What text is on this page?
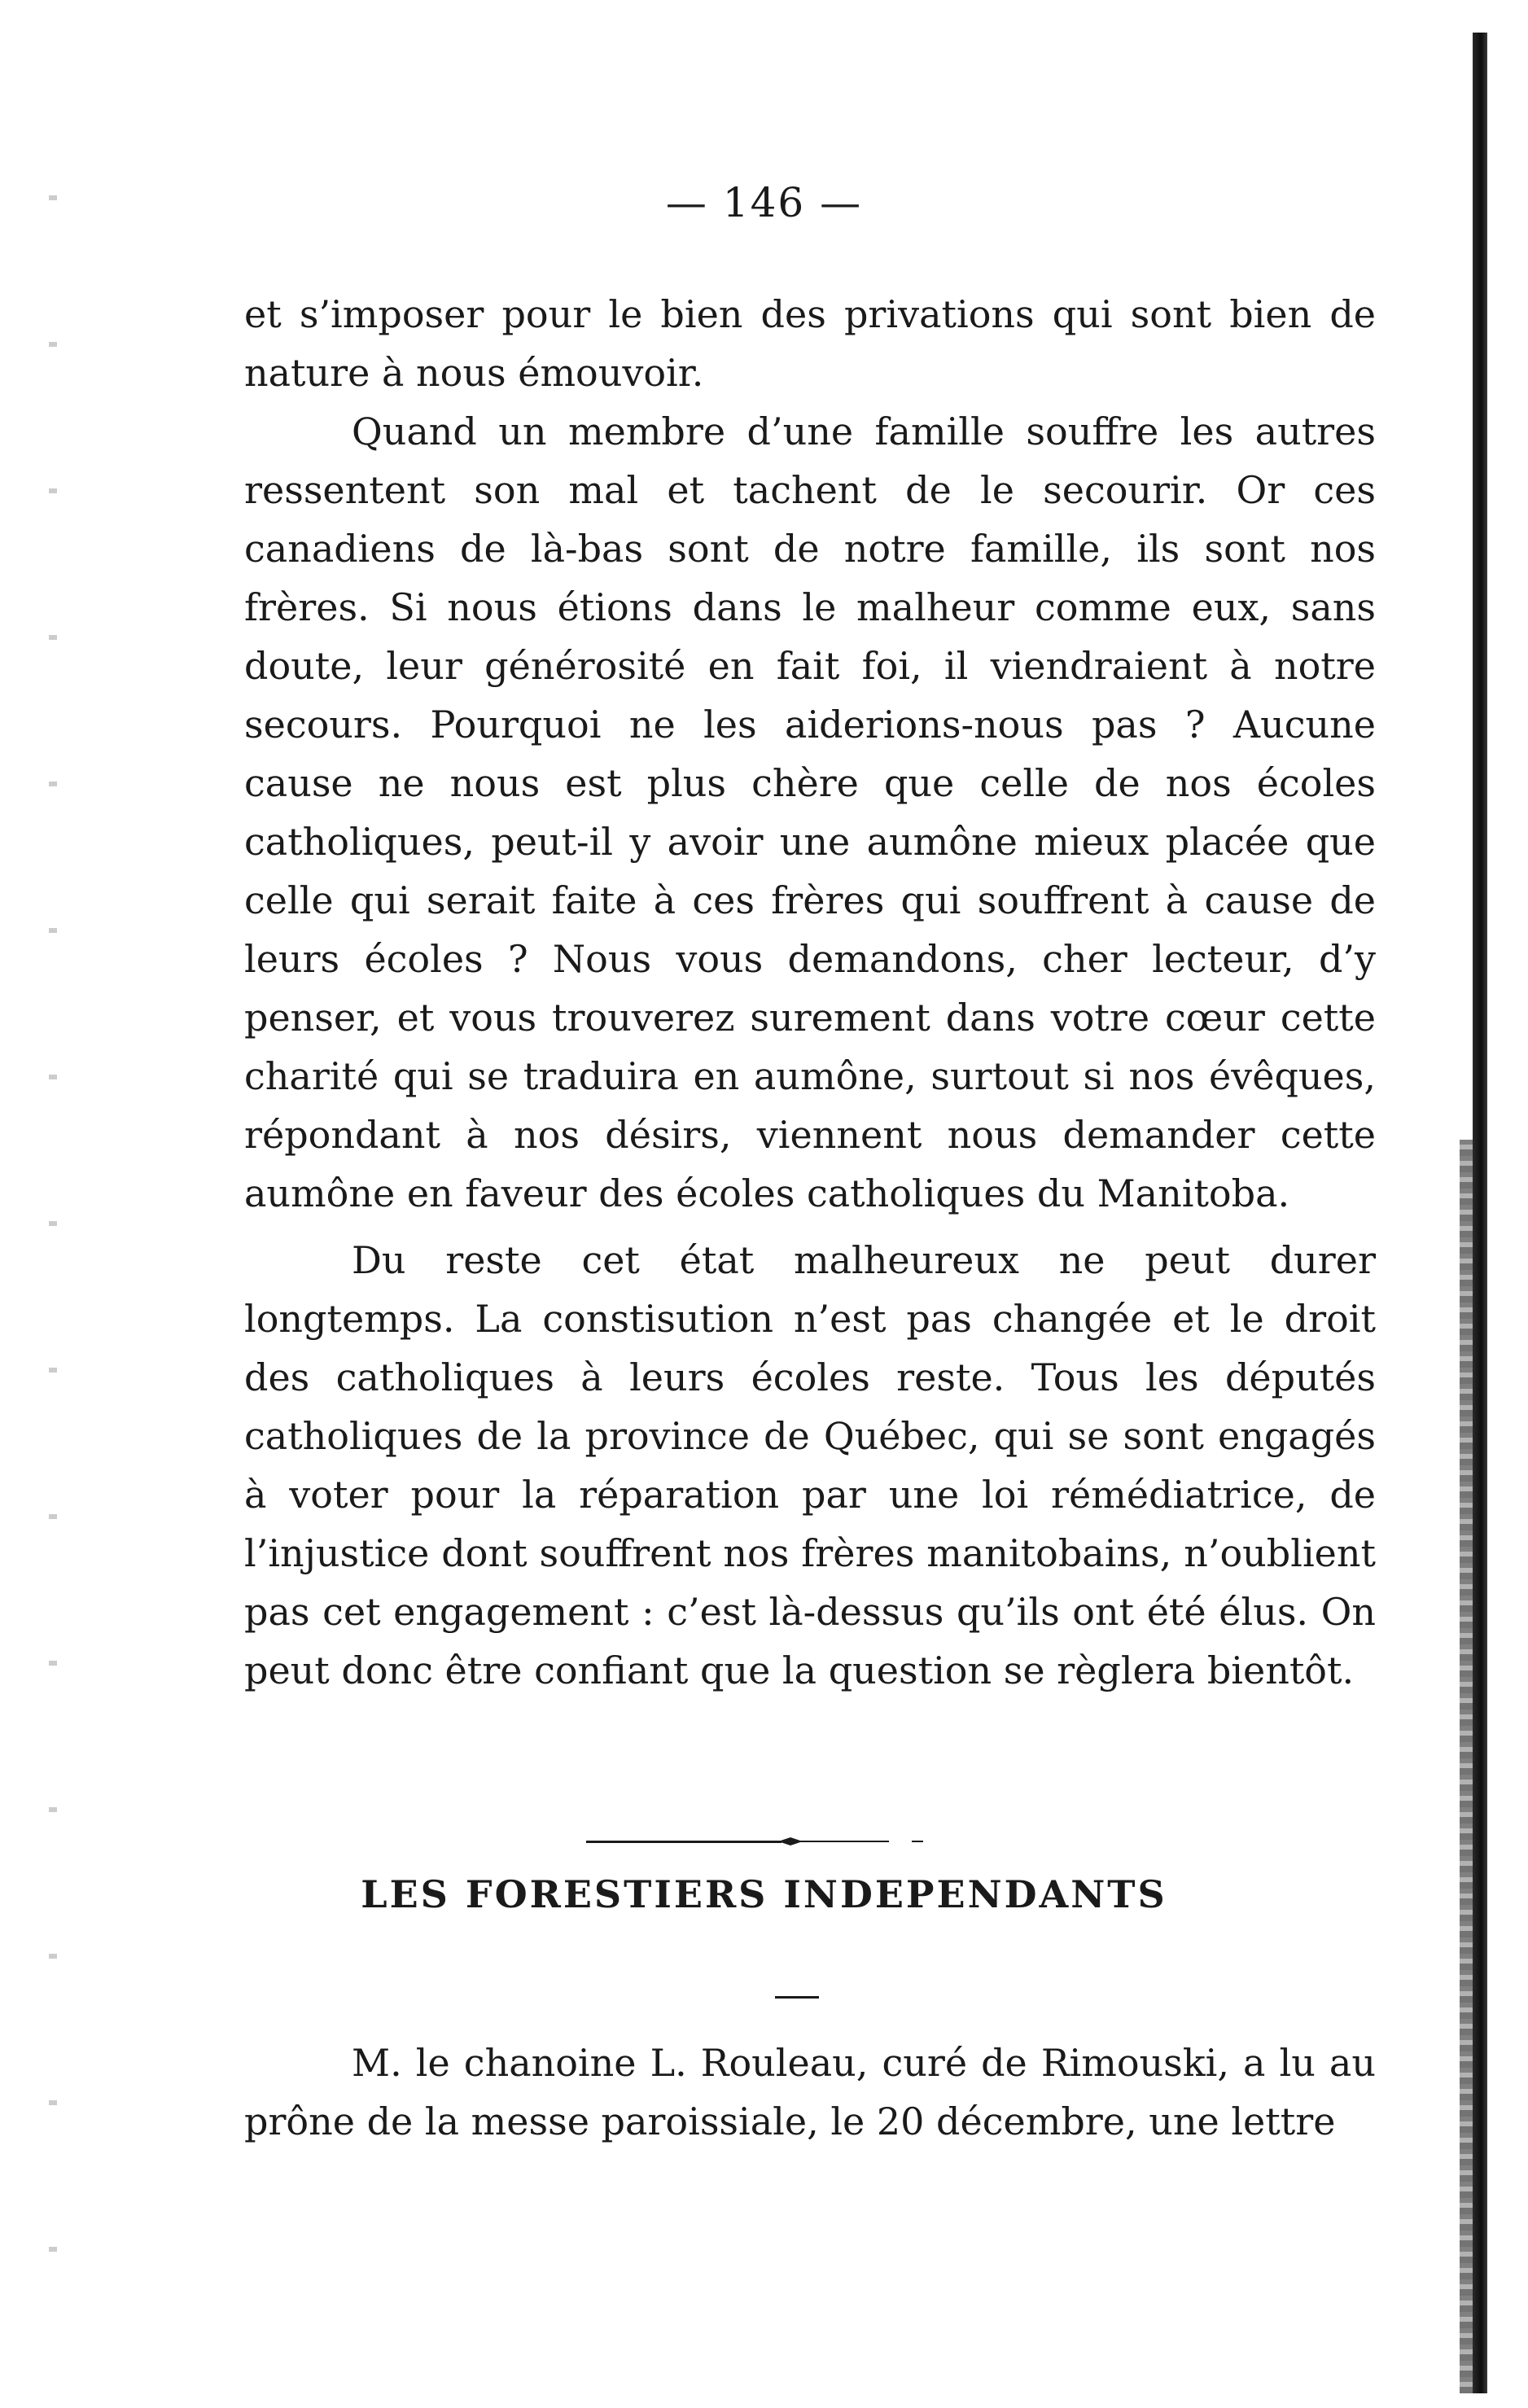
— 146 —

et s’imposer pour le bien des privations qui sont bien de nature à nous émouvoir.

Quand un membre d’une famille souffre les autres ressentent son mal et tachent de le secourir. Or ces canadiens de là-bas sont de notre famille, ils sont nos frères. Si nous étions dans le malheur comme eux, sans doute, leur générosité en fait foi, il viendraient à notre secours. Pourquoi ne les aiderions-nous pas ? Aucune cause ne nous est plus chère que celle de nos écoles catholiques, peut-il y avoir une aumône mieux placée que celle qui serait faite à ces frères qui souffrent à cause de leurs écoles ? Nous vous demandons, cher lecteur, d’y penser, et vous trouverez surement dans votre cœur cette charité qui se traduira en aumône, surtout si nos évêques, répondant à nos désirs, viennent nous demander cette aumône en faveur des écoles catholiques du Manitoba.

Du reste cet état malheureux ne peut durer longtemps. La constisution n’est pas changée et le droit des catholiques à leurs écoles reste. Tous les députés catholiques de la province de Québec, qui se sont engagés à voter pour la réparation par une loi rémédiatrice, de l’injustice dont souffrent nos frères manitobains, n’oublient pas cet engagement : c’est là-dessus qu’ils ont été élus. On peut donc être confiant que la question se règlera bientôt.

LES FORESTIERS INDEPENDANTS

M. le chanoine L. Rouleau, curé de Rimouski, a lu au prône de la messe paroissiale, le 20 décembre, une lettre
